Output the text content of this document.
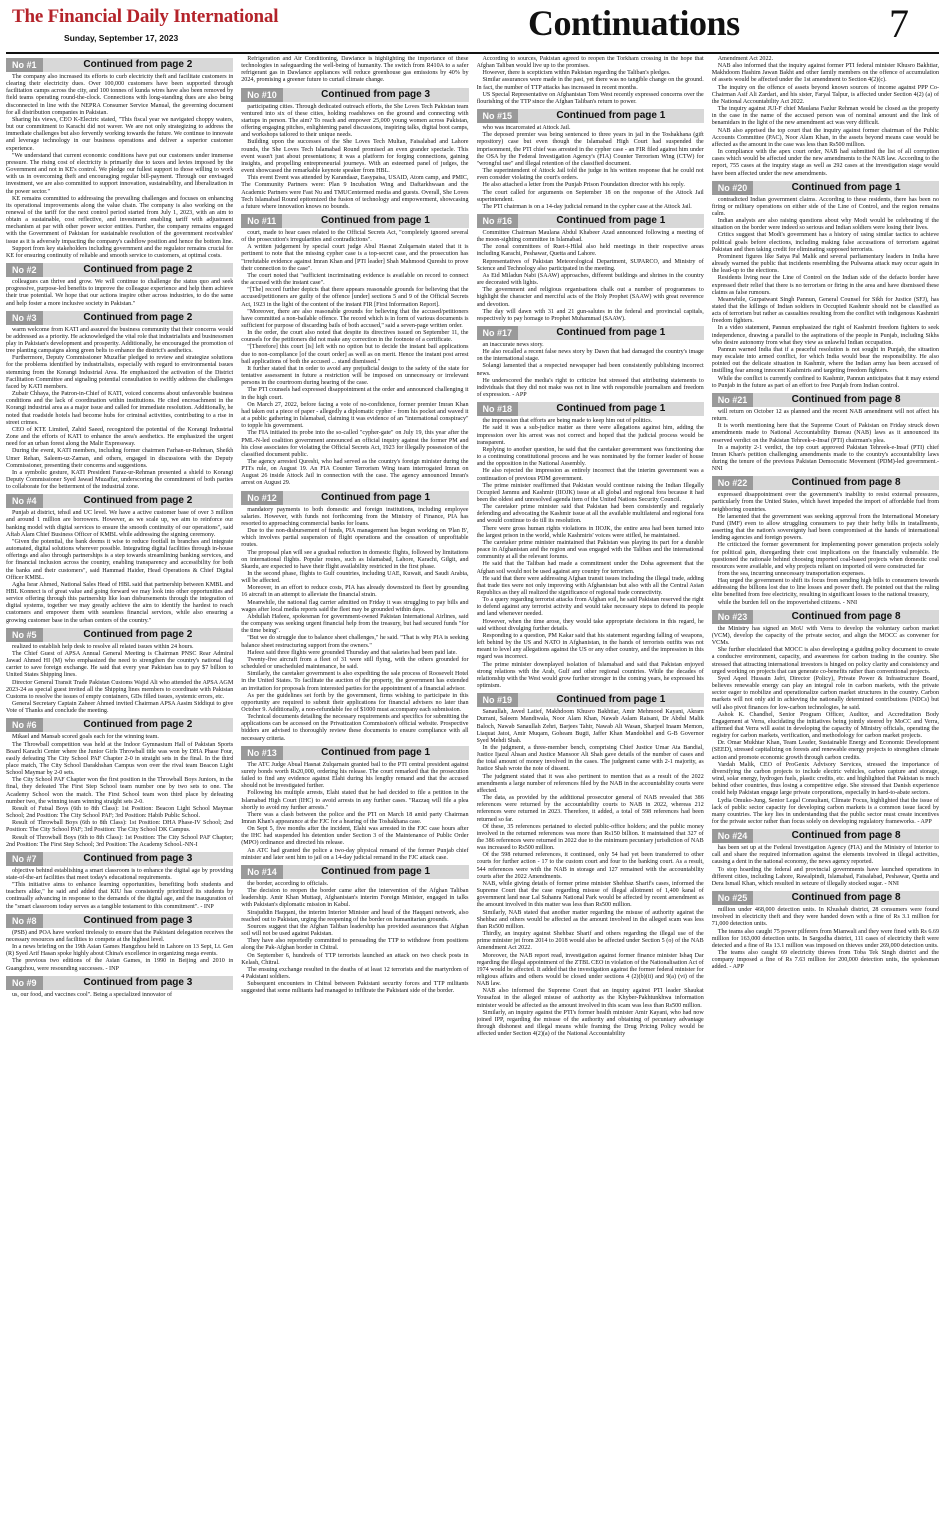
The Financial Daily International
Sunday, September 17, 2023	Continuations	7
No #1	Continued from page 2

The company also increased its efforts to curb electricity theft and facilitate customers in clearing their electricity dues. Over 100,000 customers have been supported through facilitation camps across the city, and 100 tonnes of kunda wires have also been removed by field teams operating round-the-clock. Connections with long-standing dues are also being disconnected in line with the NEPRA Consumer Service Manual, the governing document for all distribution companies in Pakistan.

Sharing his views, CEO K-Electric stated, "This fiscal year we navigated choppy waters, but our commitment to Karachi did not waver. We are not only strategizing to address the immediate challenges but also fervently working towards the future. We continue to innovate and leverage technology in our business operations and deliver a superior customer experience.

"We understand that current economic conditions have put our customers under immense pressure. The rising cost of electricity is primarily due to taxes and levies imposed by the Government and not in KE's control. We pledge our fullest support to those willing to work with us in overcoming theft and encouraging regular bill-payment. Through our envisaged investment, we are also committed to support innovation, sustainability, and liberalization in the power sector."

KE remains committed to addressing the prevailing challenges and focuses on enhancing its operational improvements along the value chain. The company is also working on the renewal of the tariff for the next control period started from July 1, 2023, with an aim to obtain a sustainable, cost reflective, and investment enabling tariff with adjustment mechanism at par with other power sector entities. Further, the company remains engaged with the Government of Pakistan for sustainable resolution of the government receivables' issue as it is adversely impacting the company's cashflow position and hence the bottom line.

Support from key stakeholders including government and the regulator remains crucial for KE for ensuring continuity of reliable and smooth service to customers, at optimal costs.

No #2	Continued from page 2

colleagues can thrive and grow. We will continue to challenge the status quo and seek progressive, purpose-led benefits to improve the colleague experience and help them achieve their true potential. We hope that our actions inspire other across industries, to do the same and help foster a more inclusive society in Pakistan."

No #3	Continued from page 2

warm welcome from KATI and assured the business community that their concerns would be addressed as a priority. He acknowledged the vital role that industrialists and businessmen play in Pakistan's development and prosperity. Additionally, he encouraged the promotion of tree planting campaigns along green belts to enhance the district's aesthetics.

Furthermore, Deputy Commissioner Muzaffar pledged to review and strategize solutions for the problems identified by industrialists, especially with regard to environmental issues stemming from the Korangi Industrial Area. He emphasized the activation of the District Facilitation Committee and signaling potential consultation to swiftly address the challenges faced by KATI members.

Zubair Chhaya, the Patron-in-Chief of KATI, voiced concerns about unfavorable business conditions and the lack of coordination within institutions. He cited encroachment in the Korangi industrial area as a major issue and called for immediate resolution. Additionally, he noted that roadside hotels had become hubs for criminal activities, contributing to a rise in street crimes.

CEO of KTE Limited, Zahid Saeed, recognized the potential of the Korangi Industrial Zone and the efforts of KATI to enhance the area's aesthetics. He emphasized the urgent need for an urban forest along the Malir Expressway.

During the event, KATI members, including former chairmen Farhan-ur-Rehman, Sheikh Umer Rehan, Saleem-uz-Zaman, and others, engaged in discussions with the Deputy Commissioner, presenting their concerns and suggestions.

In a symbolic gesture, KATI President Faraz-ur-Rehman presented a shield to Korangi Deputy Commissioner Syed Jawad Muzaffar, underscoring the commitment of both parties to collaborate for the betterment of the industrial zone.

No #4	Continued from page 2

Punjab at district, tehsil and UC level. We have a active customer base of over 3 million and around 1 million are borrowers. However, as we scale up, we aim to reinforce our banking model with digital services to ensure the smooth continuity of our operations", said Aftab Alam Chief Business Officer of KMBL while addressing the signing ceremony.

"Given the potential, the bank deems it wise to reduce footfall in branches and integrate automated, digital solutions wherever possible. Integrating digital facilities through in-house offerings and also through partnerships is a step towards streamlining banking services, and for financial inclusion across the country, enabling transparency and accessibility for both the banks and their customers", said Hammad Haider, Head Operations & Chief Digital Officer KMBL.

Agha Israr Ahmed, National Sales Head of HBL said that partnership between KMBL and HBL Konnect is of great value and going forward we may look into other opportunities and service offering through this partnership like loan disbursements through the integration of digital systems, together we may greatly achieve the aim to identify the hardest to reach customers and empower them with seamless financial services, while also ensuring a growing customer base in the urban centers of the country."

No #5	Continued from page 2

realized to establish help desk to resolve all related issues within 24 hours.

The Chief Guest of APSA Annual General Meeting is Chairman PNSC Rear Admiral Jawad Ahmed HI (M) who emphasized the need to strengthen the country's national flag carrier to save foreign exchange. He said that every year Pakistan has to pay $7 billion to United States Shipping lines.

Director General Transit Trade Pakistan Customs Wajid Ali who attended the APSA AGM 2023-24 as special guest invited all the Shipping lines members to coordinate with Pakistan Customs to resolve the issues of empty containers, GDs filled issues, systemic errors, etc.

General Secretary Captain Zaheer Ahmed invited Chairman APSA Aasim Siddiqui to give Vote of Thanks and conclude the meeting.

No #6	Continued from page 2

Mikael and Mansab scored goals each for the winning team.

The Throwball competition was held at the Indoor Gymnasium Hall of Pakistan Sports Board Karachi Center where the Junior Girls Throwball title was won by DHA Phase Four, easily defeating The City School PAF Chapter 2-0 in straight sets in the final. In the third place match, The City School Darakhshan Campus won over the rival team Beacon Light School Maymar by 2-0 sets.

The City School PAF Chapter won the first position in the Throwball Boys Juniors, in the final, they defeated The First Step School team number one by two sets to one. The Academy School won the match. The First School team won third place by defeating number two, the winning team winning straight sets 2-0.

Result of Futsal Boys (6th to 8th Class): 1st Position: Beacon Light School Maymar School; 2nd Position: The City School PAF; 3rd Position: Habib Public School.

Result of Throwball Boys (6th to 8th Class): 1st Position: DHA Phase-IV School; 2nd Position: The City School PAF; 3rd Position: The City School DK Campus.

Result of Throwball Boys (6th to 8th Class): 1st Position: The City School PAF Chapter; 2nd Position: The First Step School; 3rd Position: The Academy School.-NN-I

No #7	Continued from page 3

objective behind establishing a smart classroom is to enhance the digital age by providing state-of-the-art facilities that meet today's educational requirements.

"This initiative aims to enhance learning opportunities, benefiting both students and teachers alike," he said and added that KIU has consistently prioritized its students by continually advancing in response to the demands of the digital age, and the inauguration of the "smart classroom today serves as a tangible testament to this commitment". - INP

No #8	Continued from page 3

(PSB) and POA have worked tirelessly to ensure that the Pakistani delegation receives the necessary resources and facilities to compete at the highest level.

In a news briefing on the 19th Asian Games Hangzhou held in Lahore on 13 Sept, Lt. Gen (R) Syed Arif Hasan spoke highly about China's excellence in organizing mega events.

The previous two editions of the Asian Games, in 1990 in Beijing and 2010 in Guangzhou, were resounding successes. - INP

No #9	Continued from page 3

us, our food, and vaccines cool". Being a specialized innovator of

Refrigeration and Air Conditioning, Dawlance is highlighting the importance of these technologies in safeguarding the well-being of humanity. The switch from R410A to a safer refrigerant gas in Dawlance appliances will reduce greenhouse gas emissions by 40% by 2024, promising a greener future to curtail climate change.

No #10	Continued from page 3

participating cities. Through dedicated outreach efforts, the She Loves Tech Pakistan team ventured into six of these cities, holding roadshows on the ground and connecting with startups in person. The aim? To reach and empower 25,000 young women across Pakistan, offering engaging pitches, enlightening panel discussions, inspiring talks, digital boot camps, and workshops tailored to their unique needs.

Building upon the successes of the She Loves Tech Multan, Faisalabad and Lahore rounds, the She Loves Tech Islamabad Round promised an even grander spectacle. This event wasn't just about presentations; it was a platform for forging connections, gaining insights, and propelling entrepreneurial journeys. With an esteemed panel of judges, the event showcased the remarkable keynote speaker from HBL.

This event Event was attended by Karandaaz, Easypaisa, USAID, Atom camp, and PMIC, The Community Partners were: Plan 9 Incubation Wing and Daftarkhwaan and the Academic Partners were Fast Nu and TMUCentermed media and guests. Overall, She Loves Tech Islamabad Round epitomized the fusion of technology and empowerment, showcasing a future where innovation knows no bounds.

No #11	Continued from page 1

court, made to hear cases related to the Official Secrets Act, "completely ignored several of the prosecution's irregularities and contradictions".

A written judgement by special court judge Abul Hasnat Zulqarnain stated that it is pertinent to note that the missing cypher case is a top-secret case, and the prosecution has "irrefutable evidence against Imran Khan and [PTI leader] Shah Mahmood Qureshi to prove their connection to the case".

The court noted that "sufficient incriminating evidence is available on record to connect the accused with the instant case".

"[The] record further depicts that there appears reasonable grounds for believing that the accused/petitioners are guilty of the offence [under] sections 5 and 9 of the Official Secrets Act, 1923 in the light of the content of the instant FIR [First Information Report].

"Moreover, there are also reasonable grounds for believing that the accused/petitioners have committed a non-bailable offence. The record which is in form of various documents is sufficient for purpose of discarding bails of both accused," said a seven-page written order.

In the order, the court also noted that despite its directives issued on September 11, the counsels for the petitioners did not make any correction in the footnote of a certificate.

"[Therefore] this court [is] left with no option but to decide the instant bail applications due to non-compliance [of the court order] as well as on merit. Hence the instant post arrest bail applications of both the accused ... stand dismissed."

It further stated that in order to avoid any prejudicial design to the safety of the state for tentative assessment in future a restriction will be imposed on unnecessary or irrelevant persons in the courtroom during hearing of the case.

The PTI counsels had expressed disappointment at the order and announced challenging it in the high court.

On March 27, 2022, before facing a vote of no-confidence, former premier Imran Khan had taken out a piece of paper - allegedly a diplomatic cypher - from his pocket and waved it at a public gathering in Islamabad, claiming it was evidence of an "international conspiracy" to topple his government.

The FIA initiated its probe into the so-called "cypher-gate" on July 19, this year after the PML-N-led coalition government announced an official inquiry against the former PM and his close associates for violating the Official Secrets Act, 1923 for illegally possession of the classified document public.

The agency arrested Qureshi, who had served as the country's foreign minister during the PTI's rule, on August 19. An FIA Counter Terrorism Wing team interrogated Imran on August 26 inside Attock Jail in connection with the case. The agency announced Imran's arrest on August 29.

No #12	Continued from page 1

mandatory payments to both domestic and foreign institutions, including employee salaries. However, with funds not forthcoming from the Ministry of Finance, PIA has resorted to approaching commercial banks for loans.

Due to the non-disbursement of funds, PIA management has begun working on 'Plan B', which involves partial suspension of flight operations and the cessation of unprofitable routes.

The proposal plan will see a gradual reduction in domestic flights, followed by limitations on international flights. Popular routes, such as Islamabad, Lahore, Karachi, Gilgit, and Skardu, are expected to have their flight availability restricted in the first phase.

In the second phase, flights to Gulf countries, including UAE, Kuwait, and Saudi Arabia, will be affected.

Moreover, in an effort to reduce costs, PIA has already downsized its fleet by grounding 16 aircraft in an attempt to alleviate the financial strain.

Meanwhile, the national flag carrier admitted on Friday it was struggling to pay bills and wages after local media reports said the fleet may be grounded within days.

Abdullah Hafeez, spokesman for government-owned Pakistan International Airlines, said the company was seeking urgent financial help from the treasury, but had secured funds "for the time being".

"But we do struggle due to balance sheet challenges," he said. "That is why PIA is seeking balance sheet restructuring support from the owners."

Hafeez said three flights were grounded Thursday and that salaries had been paid late.

Twenty-five aircraft from a fleet of 31 were still flying, with the others grounded for scheduled or unscheduled maintenance, he said.

Similarly, the caretaker government is also expediting the sale process of Roosevelt Hotel in the United States. To facilitate the auction of the property, the government has extended an invitation for proposals from interested parties for the appointment of a financial advisor.

As per the guidelines set forth by the government, firms wishing to participate in this opportunity are required to submit their applications for financial advisers no later than October 9. Additionally, a non-refundable fee of $1000 must accompany each submission.

Technical documents detailing the necessary requirements and specifics for submitting the applications can be accessed on the Privatization Commission's official website. Prospective bidders are advised to thoroughly review these documents to ensure compliance with all necessary criteria.

No #13	Continued from page 1

The ATC Judge Abual Hasnat Zulqarnain granted bail to the PTI central president against surety bonds worth Rs20,000, ordering his release. The court remarked that the prosecution failed to find any evidence against Elahi during his lengthy remand and that the accused should not be investigated further.

Following his multiple arrests, Elahi stated that he had decided to file a petition in the Islamabad High Court (IHC) to avoid arrests in any further cases. "Razzaq will file a plea shortly to avoid my further arrests."

There was a clash between the police and the PTI on March 18 amid party Chairman Imran Khan's appearance at the FJC for a hearing of the Toshakhana case.

On Sept 5, five months after the incident, Elahi was arrested in the FJC case hours after the IHC had suspended his detention under Section 3 of the Maintenance of Public Order (MPO) ordinance and directed his release.

An ATC had granted the police a two-day physical remand of the former Punjab chief minister and later sent him to jail on a 14-day judicial remand in the FJC attack case.

No #14	Continued from page 1

the border, according to officials.

The decision to reopen the border came after the intervention of the Afghan Taliban leadership. Amir Khan Muttaqi, Afghanistan's interim Foreign Minister, engaged in talks with Pakistan's diplomatic mission in Kabul.

Sirajuddin Haqqani, the interim Interior Minister and head of the Haqqani network, also reached out to Pakistan, urging the reopening of the border on humanitarian grounds.

Sources suggest that the Afghan Taliban leadership has provided assurances that Afghan soil will not be used against Pakistan.

They have also reportedly committed to persuading the TTP to withdraw from positions along the Pak-Afghan border in Chitral.

On September 6, hundreds of TTP terrorists launched an attack on two check posts in Kelash, Chitral.

The ensuing exchange resulted in the deaths of at least 12 terrorists and the martyrdom of 4 Pakistani soldiers.

Subsequent encounters in Chitral between Pakistani security forces and TTP militants suggested that some militants had managed to infiltrate the Pakistani side of the border.

According to sources, Pakistan agreed to reopen the Torkham crossing in the hope that Afghan Taliban would live up to the promises.

However, there is scepticism within Pakistan regarding the Taliban's pledges.

Similar assurances were made in the past, yet there was no tangible change on the ground. In fact, the number of TTP attacks has increased in recent months.

US Special Representative on Afghanistan Tom West recently expressed concerns over the flourishing of the TTP since the Afghan Taliban's return to power.

No #15	Continued from page 1

who was incarcerated at Attock Jail.

The deposed premier was being sentenced to three years in jail in the Toshakhana (gift repository) case but even though the Islamabad High Court had suspended the imprisonment, the PTI chief was arrested in the cypher case - an FIR filed against him under the OSA by the Federal Investigation Agency's (FIA) Counter Terrorism Wing (CTW) for "wrongful use" and illegal retention of the classified document.

The superintendent of Attock Jail told the judge in his written response that he could not even consider violating the court's orders.

He also attached a letter from the Punjab Prison Foundation director with his reply.

The court called for arguments on September 18 on the response of the Attock Jail superintendent.

The PTI chairman is on a 14-day judicial remand in the cypher case at the Attock Jail.

No #16	Continued from page 1

Committee Chairman Maulana Abdul Khabeer Azad announced following a meeting of the moon-sighting committee in Islamabad.

The zonal committees of Ruet-i-Hilal also held meetings in their respective areas including Karachi, Peshawar, Quetta and Lahore.

Representatives of Pakistan Meteorological Department, SUPARCO, and Ministry of Science and Technology also participated in the meeting.

As Eid Miladun Nabi (SAAW) approaches, different buildings and shrines in the country are decorated with lights.

The government and religious organisations chalk out a number of programmes to highlight the character and merciful acts of the Holy Prophet (SAAW) with great reverence and devotion.

The day will dawn with 31 and 21 gun-salutes in the federal and provincial capitals, respectively to pay homage to Prophet Muhammad (SAAW).

No #17	Continued from page 1

an inaccurate news story.

He also recalled a recent false news story by Dawn that had damaged the country's image on the international stage.

Solangi lamented that a respected newspaper had been consistently publishing incorrect news.

He underscored the media's right to criticize but stressed that attributing statements to individuals that they did not make was not in line with responsible journalism and freedom of expression. - APP

No #18	Continued from page 1

the impression that efforts are being made to keep him out of politics.

He said it was a sub-judice matter as there were allegations against him, adding the impression over his arrest was not correct and hoped that the judicial process would be transparent.

Replying to another question, he said that the caretaker government was functioning due to a continuing constitutional process and he was nominated by the former leader of house and the opposition in the National Assembly.

He also rejected the impression as entirely incorrect that the interim government was a continuation of previous PDM government.

The prime minister reaffirmed that Pakistan would continue raising the Indian Illegally Occupied Jammu and Kashmir (IIOJK) issue at all global and regional fora because it had been the oldest and unresolved agenda item of the United Nations Security Council.

The caretaker prime minister said that Pakistan had been consistently and regularly defending and advocating the Kashmir issue at all the available multilateral and regional fora and would continue to do till its resolution.

There were gross human rights violations in IIOJK, the entire area had been turned into the largest prison in the world, while Kashmiris' voices were stifled, he maintained.

The caretaker prime minister maintained that Pakistan was playing its part for a durable peace in Afghanistan and the region and was engaged with the Taliban and the international community at all the relevant forums.

He said that the Taliban had made a commitment under the Doha agreement that the Afghan soil would not be used against any country for terrorism.

He said that there were addressing Afghan transit issues including the illegal trade, adding that trade ties were not only improving with Afghanistan but also with all the Central Asian Republics as they all realized the significance of regional trade connectivity.

To a query regarding terrorist attacks from Afghan soil, he said Pakistan reserved the right to defend against any terrorist activity and would take necessary steps to defend its people and land whenever needed.

However, when the time arose, they would take appropriate decisions in this regard, he said without divulging further details.

Responding to a question, PM Kakar said that his statement regarding falling of weapons, left behind by the US and NATO in Afghanistan, in the hands of terrorists outfits was not meant to level any allegations against the US or any other country, and the impression in this regard was incorrect.

The prime minister downplayed isolation of Islamabad and said that Pakistan enjoyed strong relations with the Arab, Gulf and other regional countries. While the decades of relationship with the West would grow further stronger in the coming years, he expressed his optimism.

No #19	Continued from page 1

Sanaullah, Javed Latief, Makhdoom Khusro Bakhtiar, Amir Mehmood Kayani, Akram Durrani, Saleem Mandiwala, Noor Alam Khan, Nawab Aslam Raisani, Dr Abdul Malik Baloch, Nawab Sanaullah Zehri, Barjees Tahir, Nawab Ali Wasan, Sharjeel Inaam Memon, Liaquat Jatoi, Amir Muqam, Goheam Bugti, Jaffer Khan Mandokhel and G-B Governor Syed Mehdi Shah.

In the judgment, a three-member bench, comprising Chief Justice Umar Ata Bandial, Justice Ijazul Ahsan and Justice Mansoor Ali Shah gave details of the number of cases and the total amount of money involved in the cases. The judgment came with 2-1 majority, as Justice Shah wrote the note of dissent.

The judgment stated that it was also pertinent to mention that as a result of the 2022 amendments a large number of references filed by the NAB in the accountability courts were affected.

The data, as provided by the additional prosecutor general of NAB revealed that 386 references were returned by the accountability courts to NAB in 2022, whereas 212 references were returned in 2023. Therefore, it added, a total of 598 references had been returned so far.

Of these, 35 references pertained to elected public-office holders; and the public money involved in the returned references was more than Rs150 billion. It maintained that 327 of the 386 references were returned in 2022 due to the minimum pecuniary jurisdiction of NAB was increased to Rs500 million.

Of the 598 returned references, it continued, only 54 had yet been transferred to other courts for further action - 17 to the custom court and four to the banking court. As a result, 544 references were with the NAB in storage and 127 remained with the accountability courts after the 2022 Amendments.

NAB, while giving details of former prime minister Shehbaz Sharif's cases, informed the Supreme Court that the case regarding misuse of illegal allotment of 1,400 kanal of government land near Lal Suhanra National Park would be affected by recent amendment as the amount involved in this matter was less than Rs500 million.

Similarly, NAB stated that another matter regarding the misuse of authority against the Shehbaz and others would be affected as the amount involved in the alleged scam was less than Rs500 million.

Thirdly, an inquiry against Shehbaz Sharif and others regarding the illegal use of the prime minister jet from 2014 to 2018 would also be affected under Section 5 (o) of the NAB Amendment Act 2022.

Moreover, the NAB report read, investigation against former finance minister Ishaq Dar regarding the illegal appointment of the ZTBL CEO in violation of the Nationalisation Act of 1974 would be affected. It added that the investigation against the former federal minister for religious affairs and others would be closed under sections 4 (2)(b)(ii) and 9(a) (vi) of the NAB law.

NAB also informed the Supreme Court that an inquiry against PTI leader Shaukat Yousafzai in the alleged misuse of authority as the Khyber-Pakhtunkhwa information minister would be affected as the amount involved in this scam was less than Rs500 million.

Similarly, an inquiry against the PTI's former health minister Amir Kayani, who had now joined IPP, regarding the misuse of the authority and obtaining of pecuniary advantage through dishonest and illegal means while framing the Drug Pricing Policy would be affected under Section 4(2)(a) of the National Accountability

Amendment Act 2022.

NAB also informed that the inquiry against former PTI federal minister Khusro Bakhtiar, Makhdoom Hashim Jawan Bakht and other family members on the offence of accumulation of assets would be affected under the 1st amendment to Section 4(2)(c).

The inquiry on the offence of assets beyond known sources of income against PPP Co-Chairman Asif Ali Zardari, and his sister, Faryal Talpur, is affected under Section 4(2) (a) of the National Accountability Act 2022.

The inquiry against JUI-F chief Maulana Fazlur Rehman would be closed as the property in the case in the name of the accused person was of nominal amount and the link of benamidars in the light of the new amendment act was very difficult.

NAB also apprised the top court that the inquiry against former chairman of the Public Accounts Committee (PAC), Noor Alam Khan, in the assets beyond means case would be affected as the amount in the case was less than Rs500 million.

In compliance with the apex court order, NAB had submitted the list of all corruption cases which would be affected under the new amendments to the NAB law. According to the report, 755 cases at the inquiry stage as well as 292 cases at the investigation stage would have been affected under the new amendments.

No #20	Continued from page 1

contradicted Indian government claims. According to these residents, there has been no firing or military operations on either side of the Line of Control, and the region remains calm.

Indian analysts are also raising questions about why Modi would be celebrating if the situation on the border were indeed so serious and Indian soldiers were losing their lives.

Critics suggest that Modi's government has a history of using similar tactics to achieve political goals before elections, including making false accusations of terrorism against Pakistan and then taking credit for eliminating supposed terrorists.

Prominent figures like Satya Pal Malik and several parliamentary leaders in India have already warned the public that incidents resembling the Pulwama attack may occur again in the lead-up to the elections.

Residents living near the Line of Control on the Indian side of the defacto border have expressed their relief that there is no terrorism or firing in the area and have dismissed these claims as false rumours.

Meanwhile, Gurpatwant Singh Pannun, General Counsel for Sikh for Justice (SFJ), has stated that the killings of Indian soldiers in Occupied Kashmir should not be classified as acts of terrorism but rather as casualties resulting from the conflict with indigenous Kashmiri freedom fighters.

In a video statement, Pannun emphasized the right of Kashmiri freedom fighters to seek independence, drawing a parallel to the aspirations of the people in Punjab, including Sikhs who desire autonomy from what they view as unlawful Indian occupation.

Pannun warned India that if a peaceful resolution is not sought in Punjab, the situation may escalate into armed conflict, for which India would bear the responsibility. He also pointed out the delicate situation in Kashmir, where the Indian army has been accused of instilling fear among innocent Kashmiris and targeting freedom fighters.

While the conflict is currently confined to Kashmir, Pannun anticipates that it may extend to Punjab in the future as part of an effort to free Punjab from Indian control.

No #21	Continued from page 8

will return on October 12 as planned and the recent NAB amendment will not affect his return.

It is worth mentioning here that the Supreme Court of Pakistan on Friday struck down amendments made to National Accountability Bureau (NAB) laws as it announced its reserved verdict on the Pakistan Tehreek-e-Insaf (PTI) chairman's plea.

In a majority 2-1 verdict, the top court approved Pakistan Tehreek-e-Insaf (PTI) chief Imran Khan's petition challenging amendments made to the country's accountability laws during the tenure of the previous Pakistan Democratic Movement (PDM)-led government.-NNI

No #22	Continued from page 8

expressed disappointment over the government's inability to resist external pressures, particularly from the United States, which havei impeded the import of affordable fuel from neighboring countries.

He lamented that the government was seeking approval from the International Monetary Fund (IMF) even to allow struggling consumers to pay their hefty bills in installments, asserting that the nation's sovereignty had been compromised at the hands of international lending agencies and foreign powers.

He criticized the former government for implementing power generation projects solely for political gain, disregarding their cost implications on the financially vulnerable. He questioned the rationale behind choosing imported coal-based projects when domestic coal resources were available, and why projects reliant on imported oil were constructed far

from the sea, incurring unnecessary transportation expenses.

Haq urged the government to shift its focus from sending high bills to consumers towards addressing the billions lost due to line losses and power theft. He pointed out that the ruling elite benefited from free electricity, resulting in significant losses to the national treasury,

while the burden fell on the impoverished citizens. - NNI

No #23	Continued from page 8

the Ministry has signed an MoU with Verra to develop the voluntary carbon market (VCM), develop the capacity of the private sector, and align the MOCC as convener for VCMs.

She further elucidated that MOCC is also developing a guiding policy document to create a conducive environment, capacity, and awareness for carbon trading in the country. She stressed that attracting international investors is hinged on policy clarity and consistency and urged working on projects that can generate co-benefits rather than conventional projects.

Syed Aqeel Hussain Jafri, Director (Policy), Private Power & Infrastructure Board, believes renewable energy can play an integral role in carbon markets, with the private sector eager to mobilize and operationalize carbon market structures in the country. Carbon markets will not only aid in achieving the nationally determined contributions (NDCs) but will also pivot finances for low-carbon technologies, he said.

Ashok K. Chandhel, Senior Program Officer, Auditor, and Accreditation Body Engagement at Verra, elucidating the initiatives being jointly steered by MoCC and Verra, affirmed that Verra will assist in developing the capacity of Ministry officials, operating the registry for carbon markets, verification, and methodology for carbon market projects.

Dr. Omar Mukhtar Khan, Team Leader, Sustainable Energy and Economic Development (SEED), stressed capitalizing on forests and renewable energy projects to strengthen climate action and promote economic growth through carbon credits.

Vardah Malik, CEO of ProGenix Advisory Services, stressed the importance of diversifying the carbon projects to include electric vehicles, carbon capture and storage, wind, solar energy, hydrogen fuels, plastic credits, etc. and highlighted that Pakistan is much behind other countries, thus losing a competitive edge. She stressed that Danish experience could help Pakistan engage large private corporations, especially in hard-to-abate sectors.

Lydia Omuko-Jung, Senior Legal Consultant, Climate Focus, highlighted that the issue of lack of public sector capacity for developing carbon markets is a common issue faced by many countries. The key lies in understanding that the public sector must create incentives for the private sector rather than focus solely on developing regulatory frameworks. - APP

No #24	Continued from page 8

has been set up at the Federal Investigation Agency (FIA) and the Ministry of Interior to call and share the required information against the elements involved in illegal activities, causing a dent in the national economy, the news agency reported.

To stop hoarding the federal and provincial governments have launched operations in different cities, including Lahore, Rawalpindi, Islamabad, Faisalabad, Peshawar, Quetta and Dera Ismail Khan, which resulted in seizure of illegally stocked sugar. - NNI

No #25	Continued from page 8

million under 468,000 detection units. In Khushab district, 28 consumers were found involved in electricity theft and they were handed down with a fine of Rs 3.1 million for 71,000 detection units.

The teams also caught 75 power pilferers from Mianwali and they were fined with Rs 6.69 million for 163,000 detection units. In Sargodha district, 111 cases of electricity theft were detected and a fine of Rs 13.1 million was imposed on thieves under 269,000 detection units.

The teams also caught 69 electricity thieves from Toba Tek Singh district and the company imposed a fine of Rs 7.63 million for 200,000 detection units, the spokesman added. - APP
